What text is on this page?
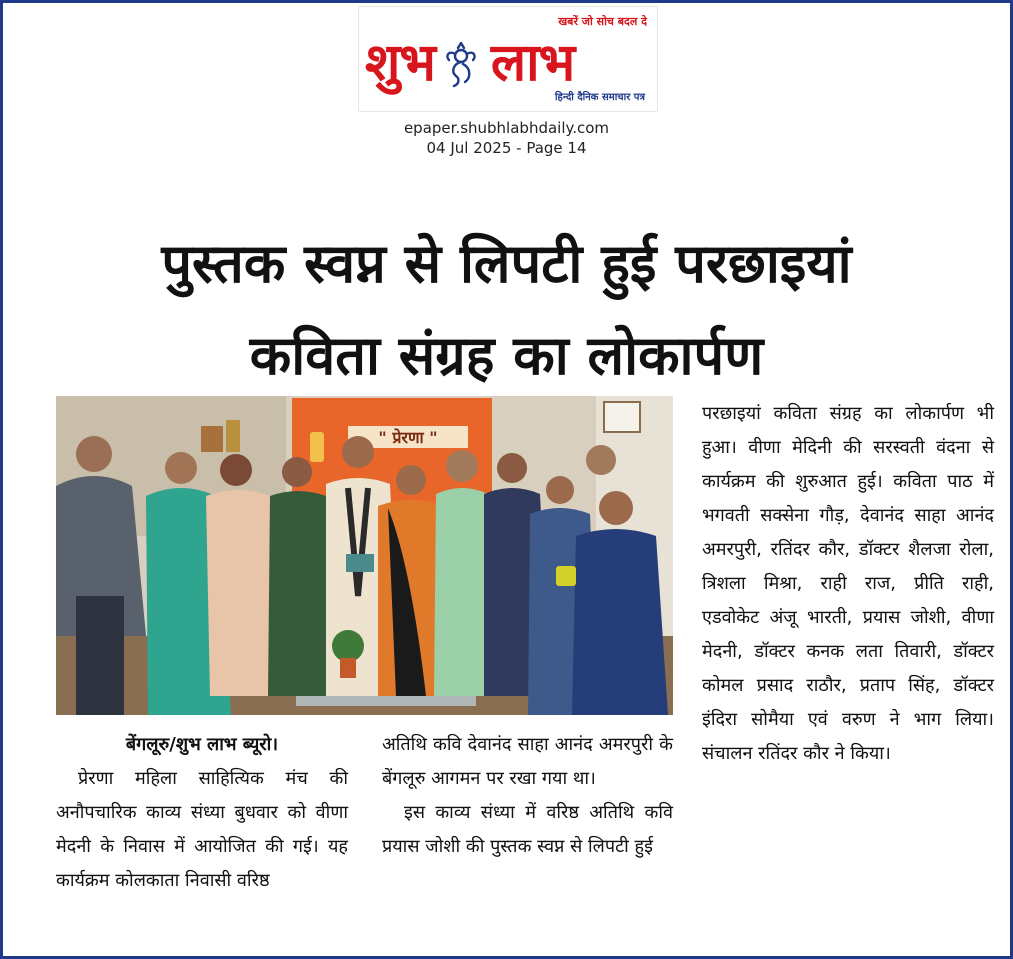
खबरें जो सोच बदल दे
शुभ लाभ
हिन्दी दैनिक समाचार पत्र
epaper.shubhlabhdaily.com
04 Jul 2025 - Page 14
पुस्तक स्वप्न से लिपटी हुई परछाइयां
कविता संग्रह का लोकार्पण
" प्रेरणा "

बेंगलूरु/शुभ लाभ ब्यूरो।

प्रेरणा महिला साहित्यिक मंच की अनौपचारिक काव्य संध्या बुधवार को वीणा मेदनी के निवास में आयोजित की गई। यह कार्यक्रम कोलकाता निवासी वरिष्ठ

अतिथि कवि देवानंद साहा आनंद अमरपुरी के बेंगलूरु आगमन पर रखा गया था।

इस काव्य संध्या में वरिष्ठ अतिथि कवि प्रयास जोशी की पुस्तक स्वप्न से लिपटी हुई

परछाइयां कविता संग्रह का लोकार्पण भी हुआ। वीणा मेदिनी की सरस्वती वंदना से कार्यक्रम की शुरुआत हुई। कविता पाठ में भगवती सक्सेना गौड़, देवानंद साहा आनंद अमरपुरी, रतिंदर कौर, डॉक्टर शैलजा रोला, त्रिशला मिश्रा, राही राज, प्रीति राही, एडवोकेट अंजू भारती, प्रयास जोशी, वीणा मेदनी, डॉक्टर कनक लता तिवारी, डॉक्टर कोमल प्रसाद राठौर, प्रताप सिंह, डॉक्टर इंदिरा सोमैया एवं वरुण ने भाग लिया। संचालन रतिंदर कौर ने किया।
